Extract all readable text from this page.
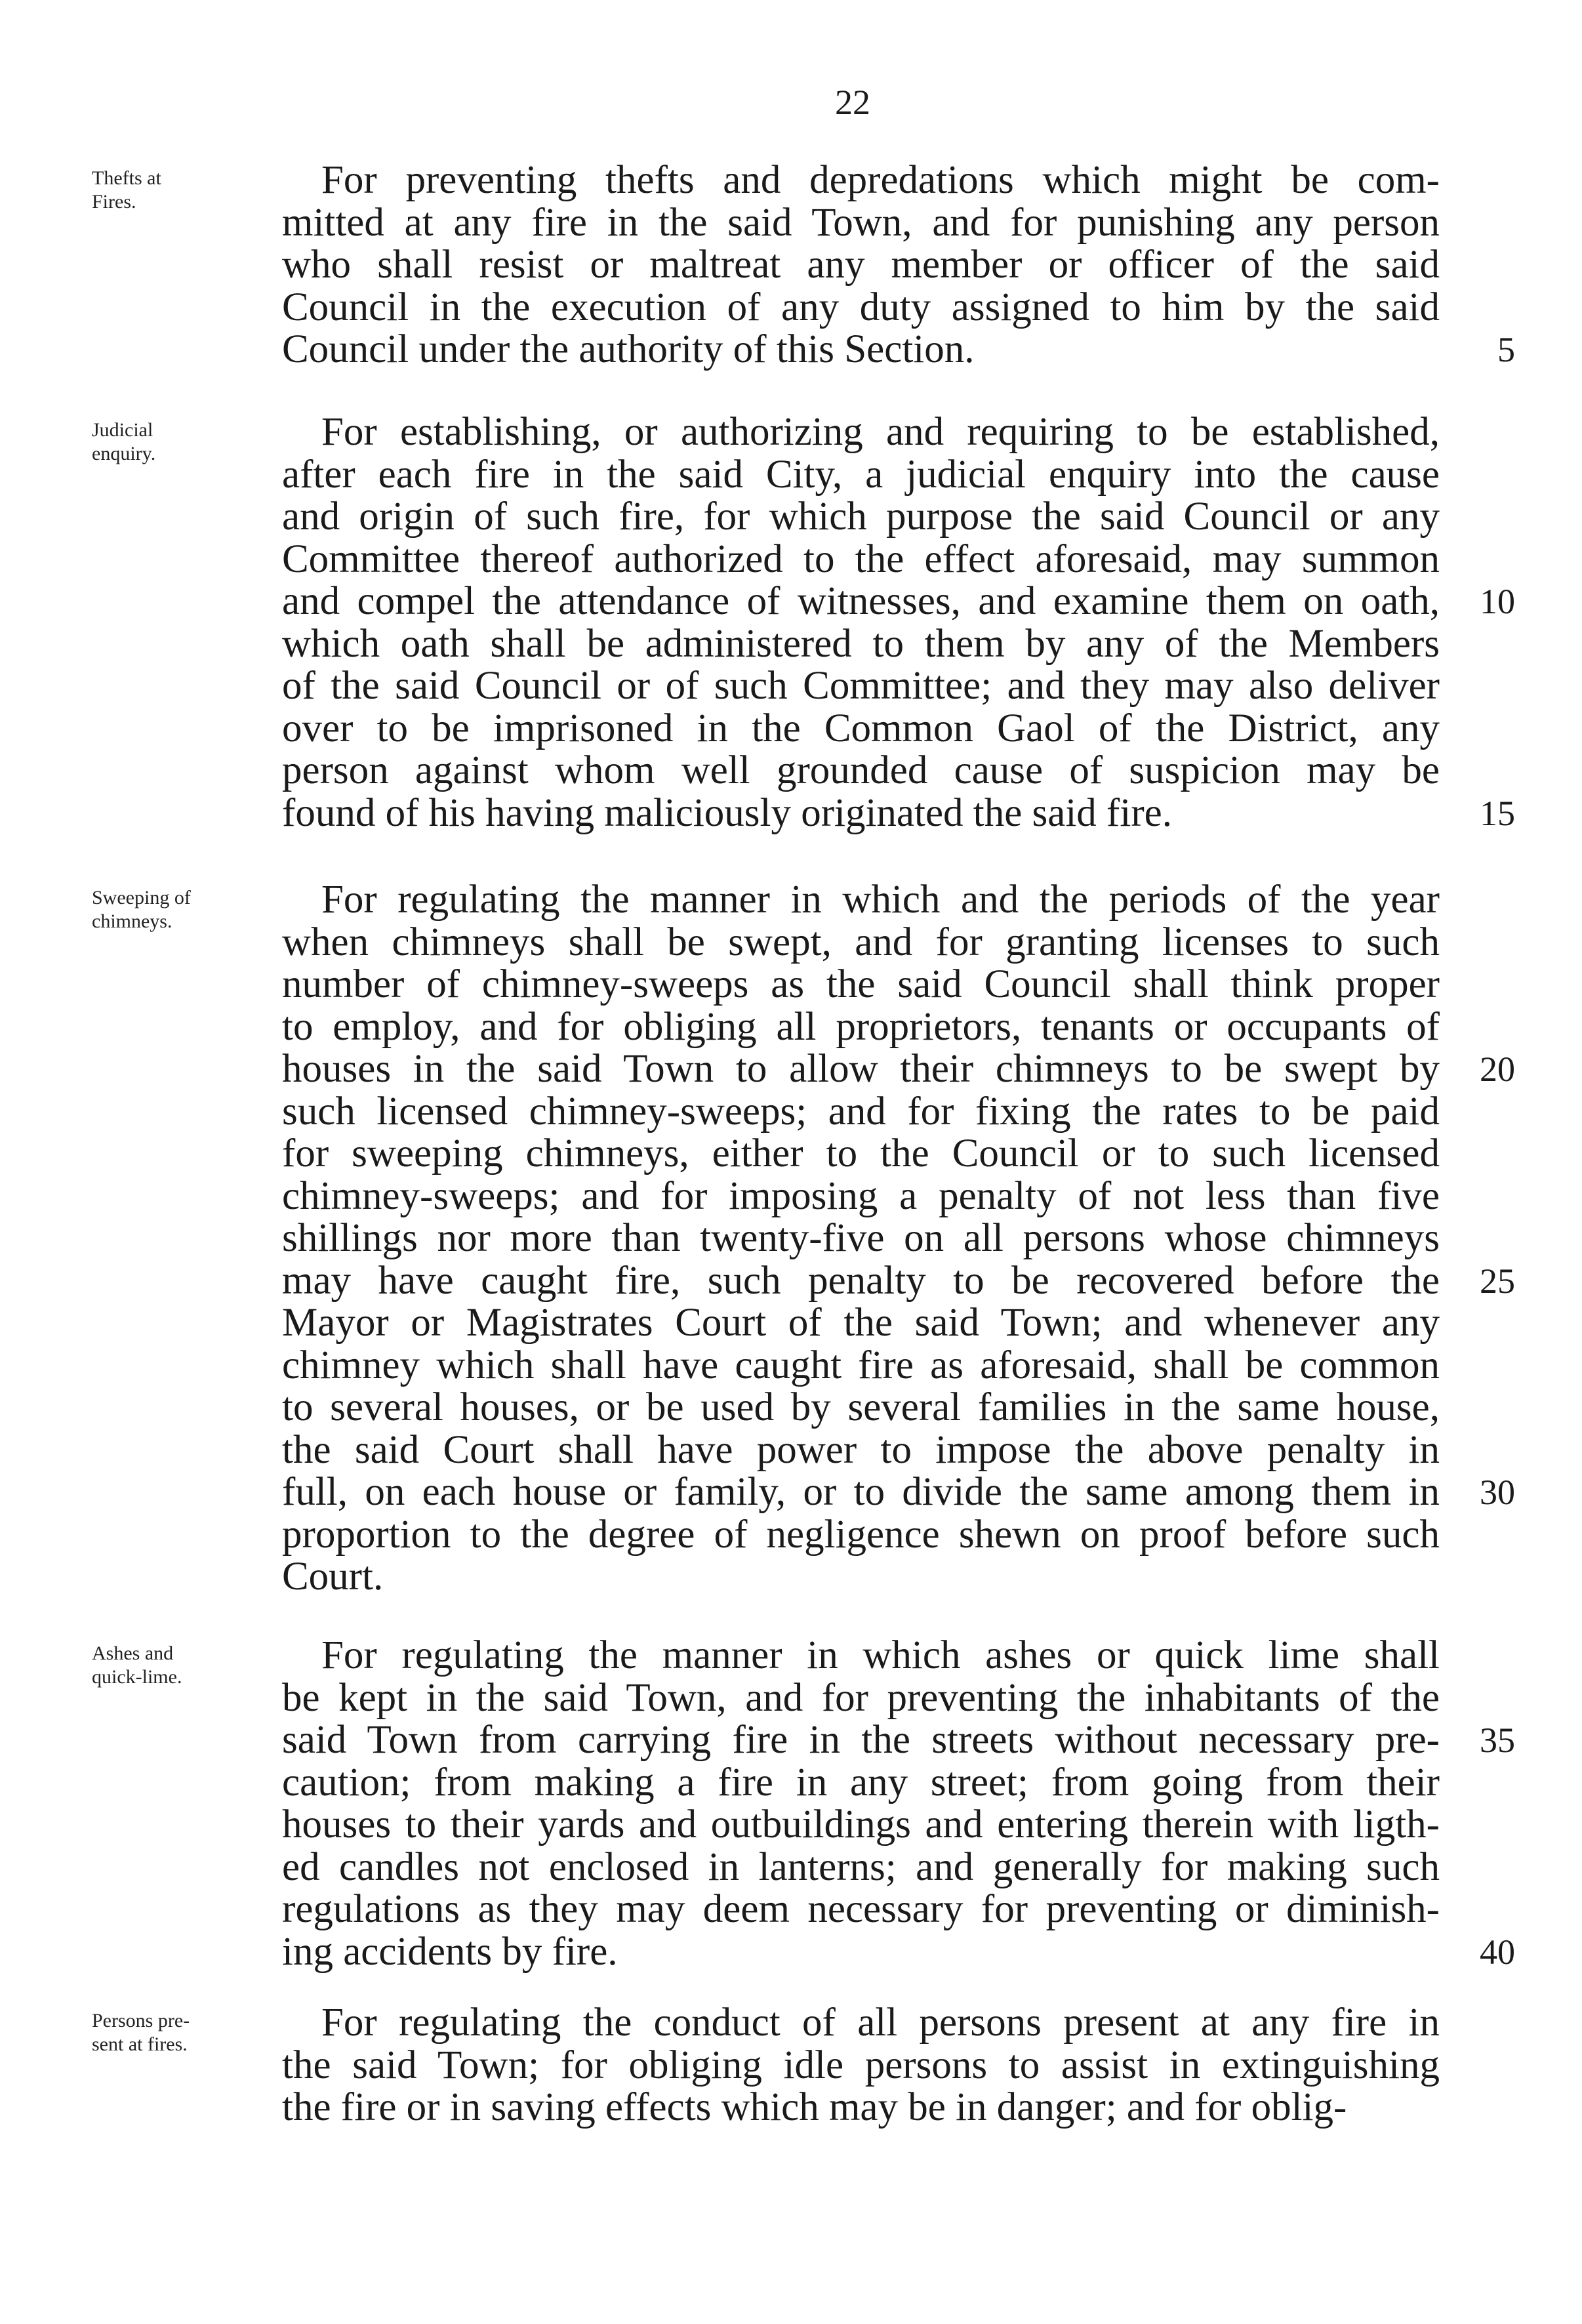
22
Thefts at
Fires.	For preventing thefts and depredations which might be com-
mitted at any fire in the said Town, and for punishing any person
who shall resist or maltreat any member or officer of the said
Council in the execution of any duty assigned to him by the said
Council under the authority of this Section.	5
Judicial
enquiry.	For establishing, or authorizing and requiring to be established,
after each fire in the said City, a judicial enquiry into the cause
and origin of such fire, for which purpose the said Council or any
Committee thereof authorized to the effect aforesaid, may summon
and compel the attendance of witnesses, and examine them on oath,
which oath shall be administered to them by any of the Members
of the said Council or of such Committee; and they may also deliver
over to be imprisoned in the Common Gaol of the District, any
person against whom well grounded cause of suspicion may be
found of his having maliciously originated the said fire.
10
15
Sweeping of
chimneys.	For regulating the manner in which and the periods of the year
when chimneys shall be swept, and for granting licenses to such
number of chimney-sweeps as the said Council shall think proper
to employ, and for obliging all proprietors, tenants or occupants of
houses in the said Town to allow their chimneys to be swept by
such licensed chimney-sweeps; and for fixing the rates to be paid
for sweeping chimneys, either to the Council or to such licensed
chimney-sweeps; and for imposing a penalty of not less than five
shillings nor more than twenty-five on all persons whose chimneys
may have caught fire, such penalty to be recovered before the
Mayor or Magistrates Court of the said Town; and whenever any
chimney which shall have caught fire as aforesaid, shall be common
to several houses, or be used by several families in the same house,
the said Court shall have power to impose the above penalty in
full, on each house or family, or to divide the same among them in
proportion to the degree of negligence shewn on proof before such
Court.
20
25
30
Ashes and
quick-lime.	For regulating the manner in which ashes or quick lime shall
be kept in the said Town, and for preventing the inhabitants of the
said Town from carrying fire in the streets without necessary pre-
caution; from making a fire in any street; from going from their
houses to their yards and outbuildings and entering therein with ligth-
ed candles not enclosed in lanterns; and generally for making such
regulations as they may deem necessary for preventing or diminish-
ing accidents by fire.
35
40
Persons pre-
sent at fires.	For regulating the conduct of all persons present at any fire in
the said Town; for obliging idle persons to assist in extinguishing
the fire or in saving effects which may be in danger; and for oblig-
